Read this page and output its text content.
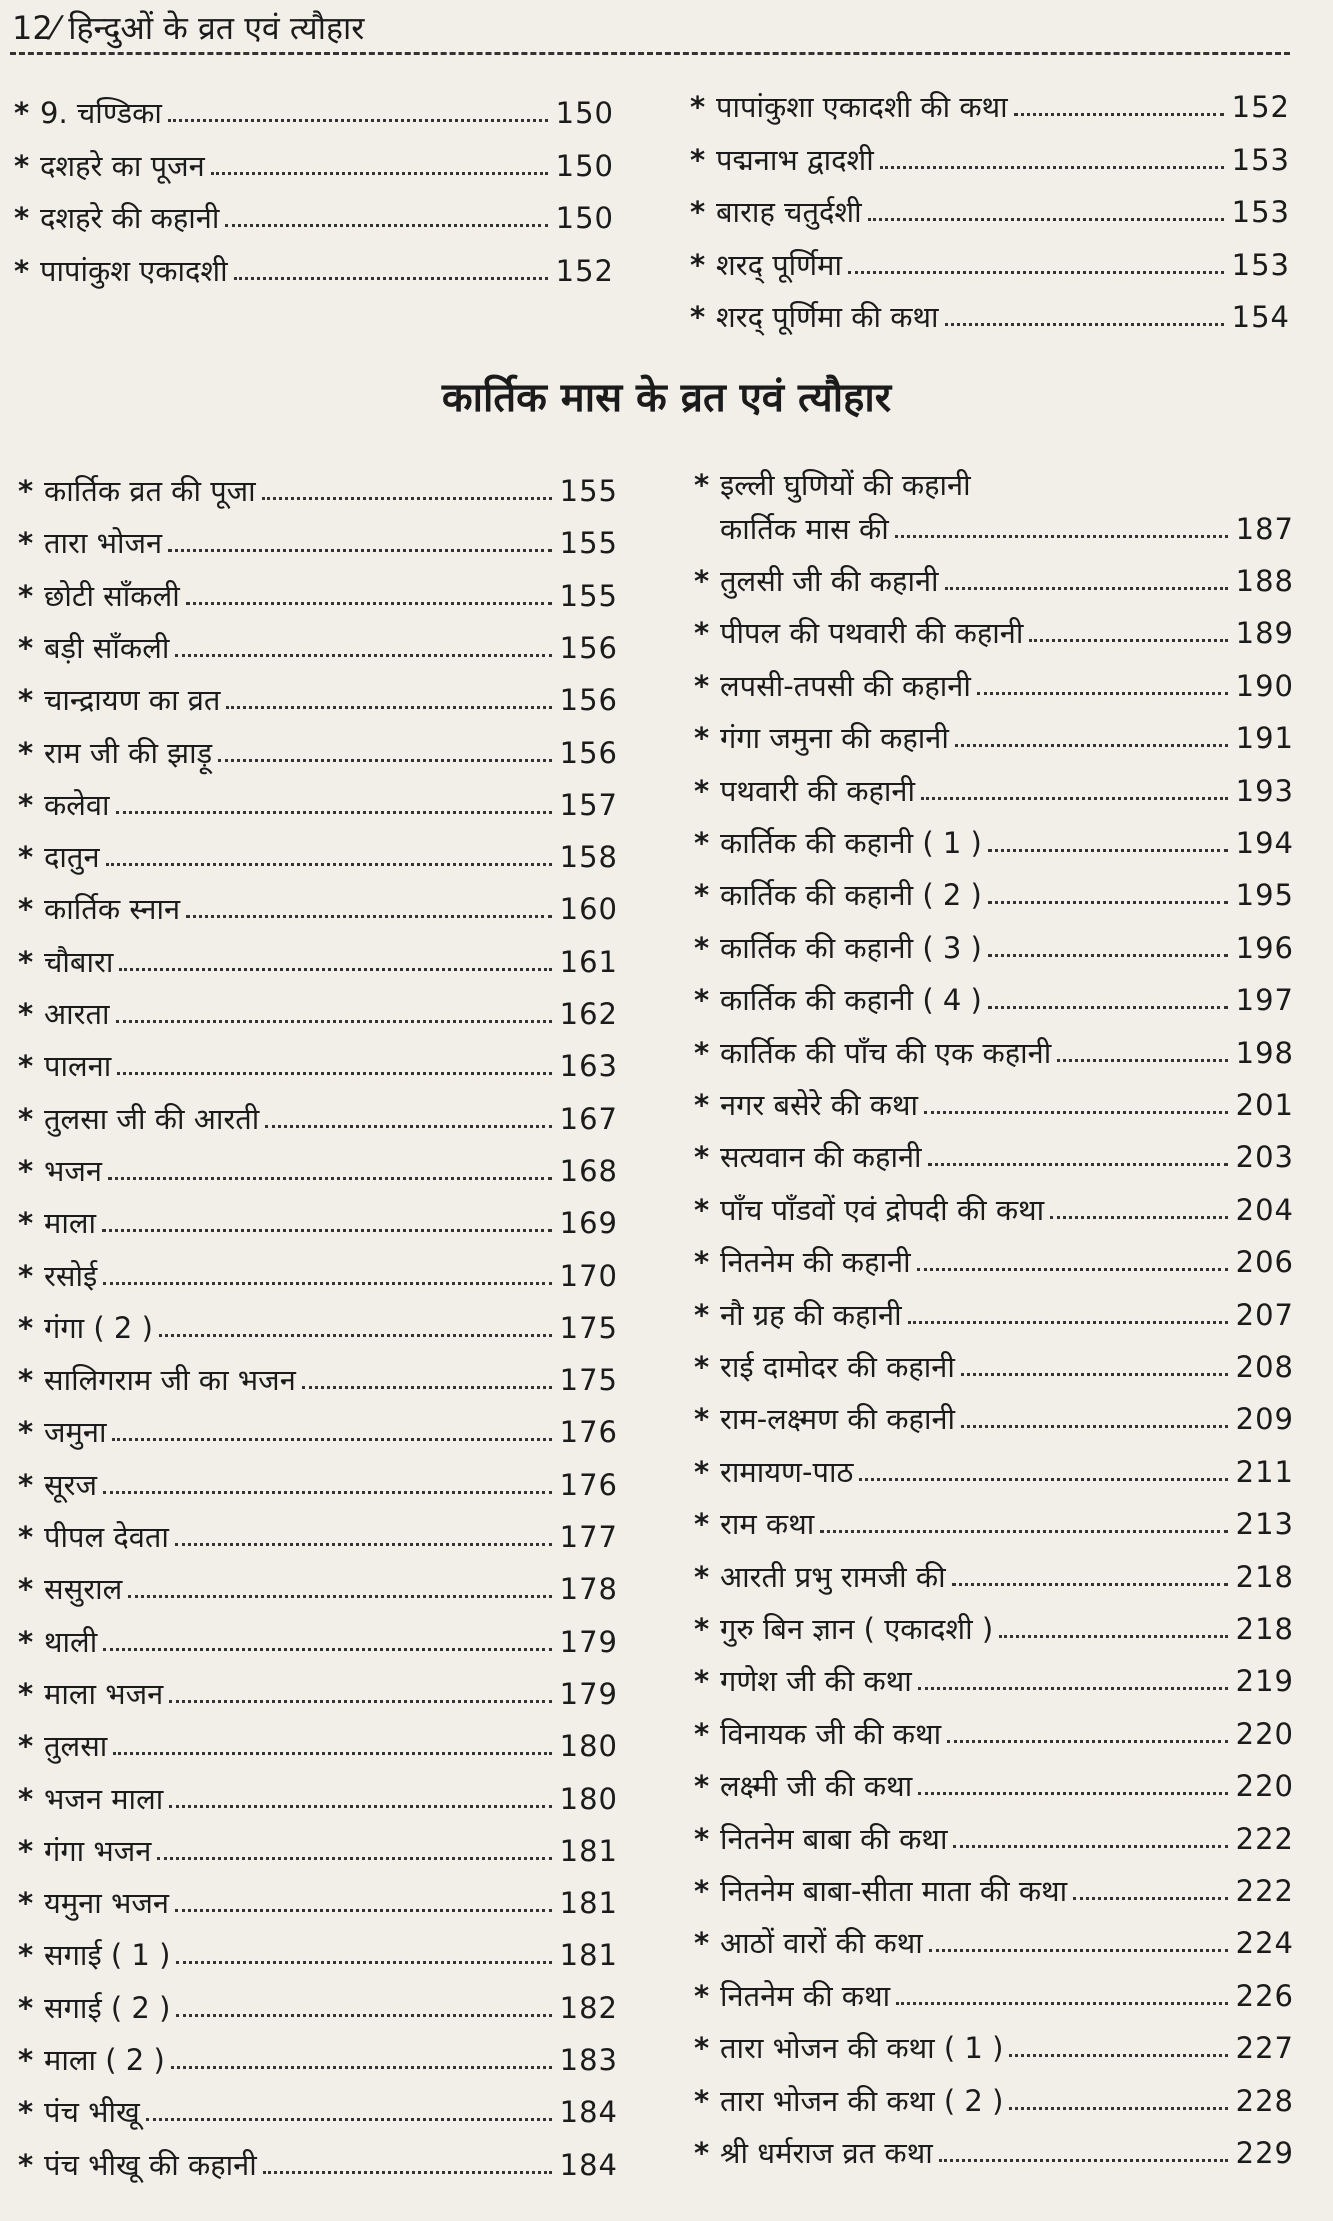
12⁄ हिन्दुओं के व्रत एवं त्यौहार
* 9. चण्डिका	150
* दशहरे का पूजन	150
* दशहरे की कहानी	150
* पापांकुश एकादशी	152
* पापांकुशा एकादशी की कथा	152
* पद्मनाभ द्वादशी	153
* बाराह चतुर्दशी	153
* शरद् पूर्णिमा	153
* शरद् पूर्णिमा की कथा	154
कार्तिक मास के व्रत एवं त्यौहार
* कार्तिक व्रत की पूजा	155
* तारा भोजन	155
* छोटी साँकली	155
* बड़ी साँकली	156
* चान्द्रायण का व्रत	156
* राम जी की झाड़ू	156
* कलेवा	157
* दातुन	158
* कार्तिक स्नान	160
* चौबारा	161
* आरता	162
* पालना	163
* तुलसा जी की आरती	167
* भजन	168
* माला	169
* रसोई	170
* गंगा ( 2 )	175
* सालिगराम जी का भजन	175
* जमुना	176
* सूरज	176
* पीपल देवता	177
* ससुराल	178
* थाली	179
* माला भजन	179
* तुलसा	180
* भजन माला	180
* गंगा भजन	181
* यमुना भजन	181
* सगाई ( 1 )	181
* सगाई ( 2 )	182
* माला ( 2 )	183
* पंच भीखू	184
* पंच भीखू की कहानी	184
* इल्ली घुणियों की कहानी
कार्तिक मास की	187
* तुलसी जी की कहानी	188
* पीपल की पथवारी की कहानी	189
* लपसी-तपसी की कहानी	190
* गंगा जमुना की कहानी	191
* पथवारी की कहानी	193
* कार्तिक की कहानी ( 1 )	194
* कार्तिक की कहानी ( 2 )	195
* कार्तिक की कहानी ( 3 )	196
* कार्तिक की कहानी ( 4 )	197
* कार्तिक की पाँच की एक कहानी	198
* नगर बसेरे की कथा	201
* सत्यवान की कहानी	203
* पाँच पाँडवों एवं द्रोपदी की कथा	204
* नितनेम की कहानी	206
* नौ ग्रह की कहानी	207
* राई दामोदर की कहानी	208
* राम-लक्ष्मण की कहानी	209
* रामायण-पाठ	211
* राम कथा	213
* आरती प्रभु रामजी की	218
* गुरु बिन ज्ञान ( एकादशी )	218
* गणेश जी की कथा	219
* विनायक जी की कथा	220
* लक्ष्मी जी की कथा	220
* नितनेम बाबा की कथा	222
* नितनेम बाबा-सीता माता की कथा	222
* आठों वारों की कथा	224
* नितनेम की कथा	226
* तारा भोजन की कथा ( 1 )	227
* तारा भोजन की कथा ( 2 )	228
* श्री धर्मराज व्रत कथा	229
